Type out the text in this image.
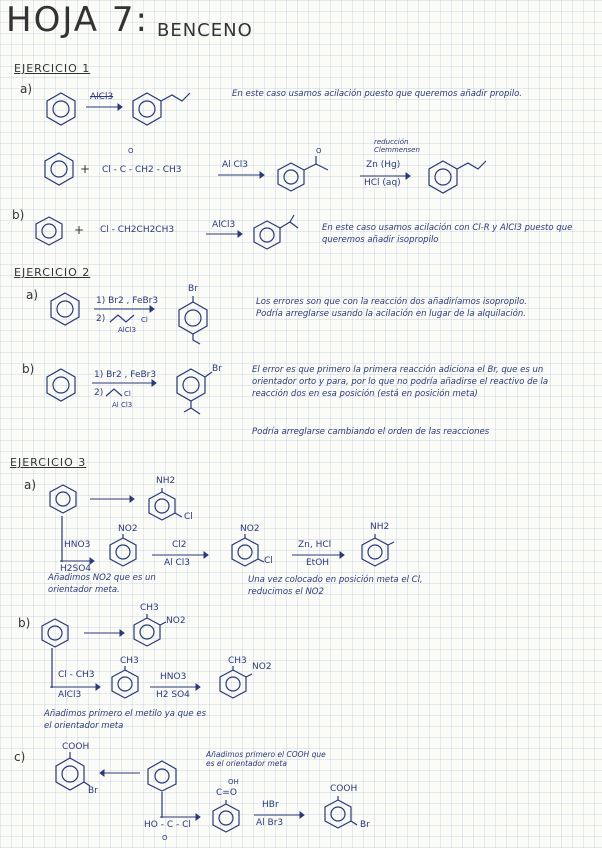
HOJA 7: BENCENO
EJERCICIO 1
a)
AlCl3	En este caso usamos acilación puesto que queremos añadir propilo.
+
O
Cl - C - CH2 - CH3	Al Cl3
O
reducción Clemmensen
Zn (Hg)
HCl (aq)
b)
+ Cl - CH2CH2CH3	AlCl3	En este caso usamos acilación con Cl-R y AlCl3 puesto que queremos añadir isopropilo
EJERCICIO 2
a)	1) Br2 , FeBr3
2)	Cl
AlCl3
Br
Los errores son que con la reacción dos añadiríamos isopropilo. Podría arreglarse usando la acilación en lugar de la alquilación.
b)	1) Br2 , FeBr3
2)	Cl
Al Cl3
Br	El error es que primero la primera reacción adiciona el Br, que es un orientador orto y para, por lo que no podría añadirse el reactivo de la reacción dos en esa posición (está en posición meta)
Podría arreglarse cambiando el orden de las reacciones
EJERCICIO 3
a)	NH2
Cl
HNO3
H2SO4
NO2
Cl2
Al Cl3
NO2
Cl
Zn, HCl
EtOH
NH2
Añadimos NO2 que es un orientador meta.
Una vez colocado en posición meta el Cl, reducimos el NO2
b)
CH3
NO2
Cl - CH3
AlCl3
CH3
HNO3
H2 SO4
CH3
NO2
Añadimos primero el metilo ya que es el orientador meta
c)
COOH
Br
Añadimos primero el COOH que es el orientador meta
HO - C - Cl
O
OH
C=O
HBr
Al Br3
COOH
Br
